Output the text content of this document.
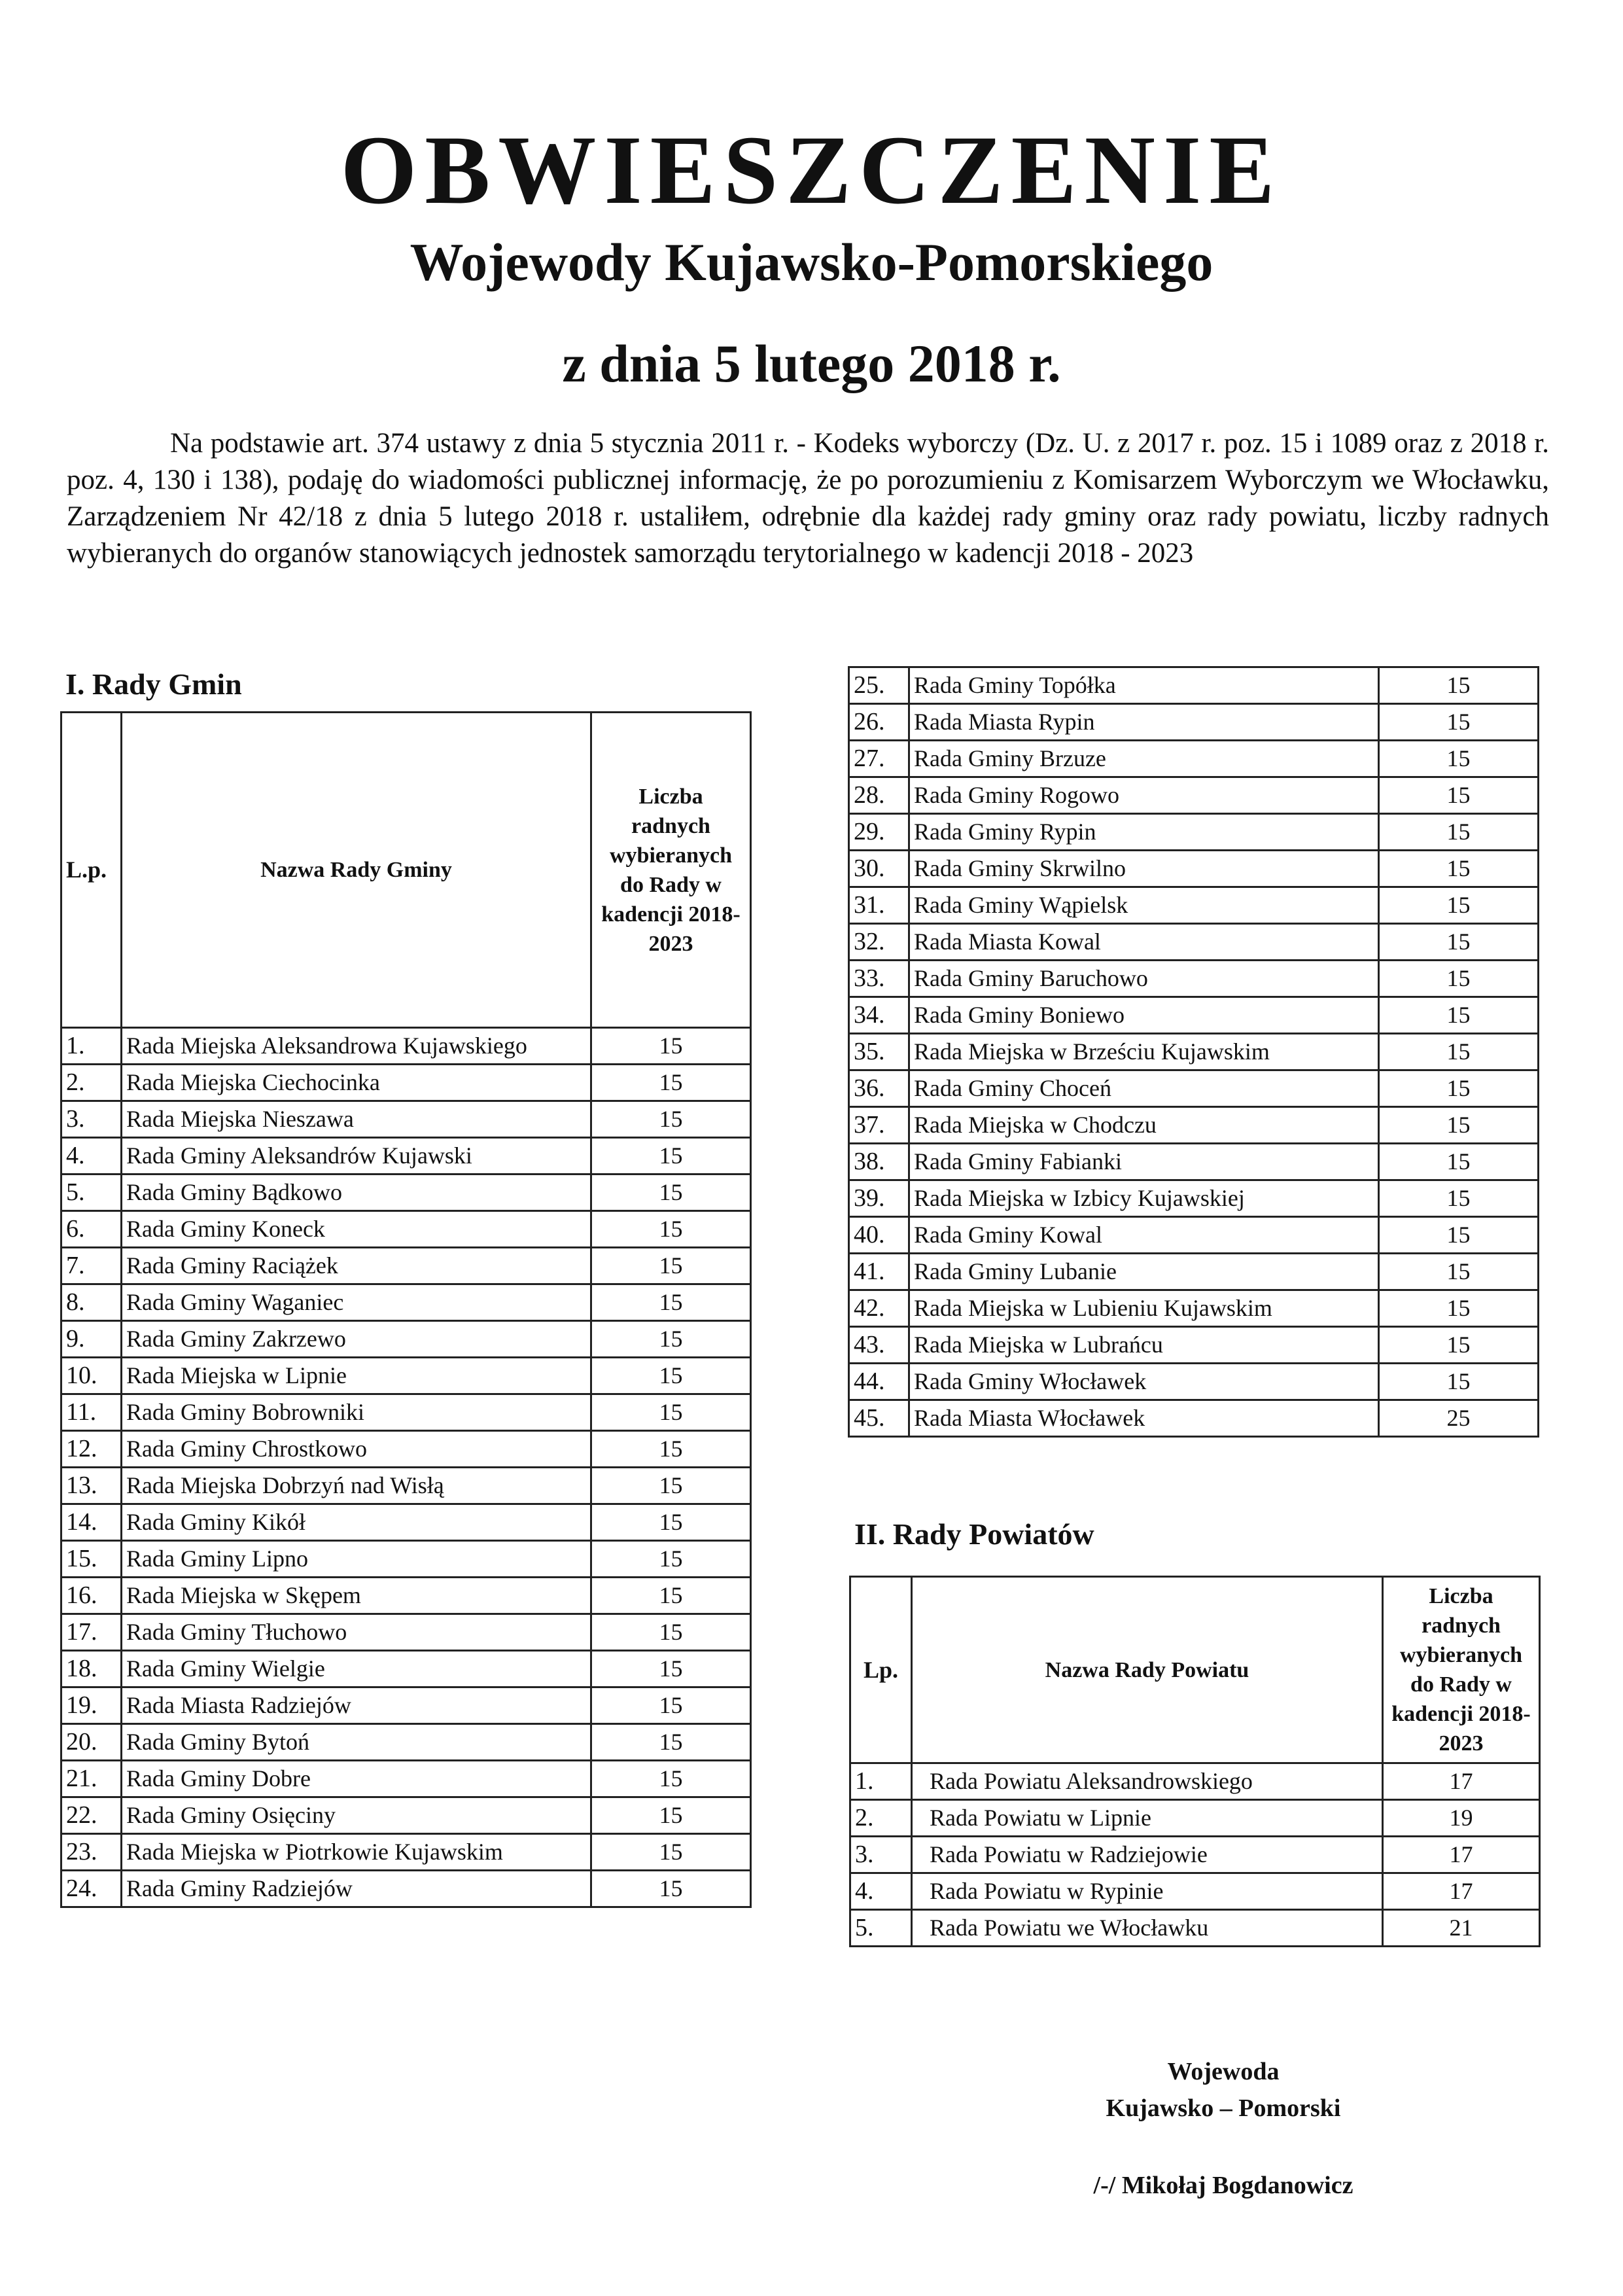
OBWIESZCZENIE
Wojewody Kujawsko-Pomorskiego
z dnia 5 lutego 2018 r.

Na podstawie art. 374 ustawy z dnia 5 stycznia 2011 r. - Kodeks wyborczy (Dz. U. z 2017 r. poz. 15 i 1089 oraz z 2018 r. poz. 4, 130 i 138), podaję do wiadomości publicznej informację, że po porozumieniu z Komisarzem Wyborczym we Włocławku, Zarządzeniem Nr 42/18 z dnia 5 lutego 2018 r. ustaliłem, odrębnie dla każdej rady gminy oraz rady powiatu, liczby radnych wybieranych do organów stanowiących jednostek samorządu terytorialnego w kadencji 2018 - 2023

I. Rady Gmin
L.p.	Nazwa Rady Gminy	Liczba radnych wybieranych do Rady w kadencji 2018-2023
1.	Rada Miejska Aleksandrowa Kujawskiego	15
2.	Rada Miejska Ciechocinka	15
3.	Rada Miejska Nieszawa	15
4.	Rada Gminy Aleksandrów Kujawski	15
5.	Rada Gminy Bądkowo	15
6.	Rada Gminy Koneck	15
7.	Rada Gminy Raciążek	15
8.	Rada Gminy Waganiec	15
9.	Rada Gminy Zakrzewo	15
10.	Rada Miejska w Lipnie	15
11.	Rada Gminy Bobrowniki	15
12.	Rada Gminy Chrostkowo	15
13.	Rada Miejska Dobrzyń nad Wisłą	15
14.	Rada Gminy Kikół	15
15.	Rada Gminy Lipno	15
16.	Rada Miejska w Skępem	15
17.	Rada Gminy Tłuchowo	15
18.	Rada Gminy Wielgie	15
19.	Rada Miasta Radziejów	15
20.	Rada Gminy Bytoń	15
21.	Rada Gminy Dobre	15
22.	Rada Gminy Osięciny	15
23.	Rada Miejska w Piotrkowie Kujawskim	15
24.	Rada Gminy Radziejów	15
25.	Rada Gminy Topółka	15
26.	Rada Miasta Rypin	15
27.	Rada Gminy Brzuze	15
28.	Rada Gminy Rogowo	15
29.	Rada Gminy Rypin	15
30.	Rada Gminy Skrwilno	15
31.	Rada Gminy Wąpielsk	15
32.	Rada Miasta Kowal	15
33.	Rada Gminy Baruchowo	15
34.	Rada Gminy Boniewo	15
35.	Rada Miejska w Brześciu Kujawskim	15
36.	Rada Gminy Choceń	15
37.	Rada Miejska w Chodczu	15
38.	Rada Gminy Fabianki	15
39.	Rada Miejska w Izbicy Kujawskiej	15
40.	Rada Gminy Kowal	15
41.	Rada Gminy Lubanie	15
42.	Rada Miejska w Lubieniu Kujawskim	15
43.	Rada Miejska w Lubrańcu	15
44.	Rada Gminy Włocławek	15
45.	Rada Miasta Włocławek	25
II. Rady Powiatów
Lp.	Nazwa Rady Powiatu	Liczba radnych wybieranych do Rady w kadencji 2018-2023
1.	Rada Powiatu Aleksandrowskiego	17
2.	Rada Powiatu w Lipnie	19
3.	Rada Powiatu w Radziejowie	17
4.	Rada Powiatu w Rypinie	17
5.	Rada Powiatu we Włocławku	21
Wojewoda
Kujawsko – Pomorski

/-/ Mikołaj Bogdanowicz
